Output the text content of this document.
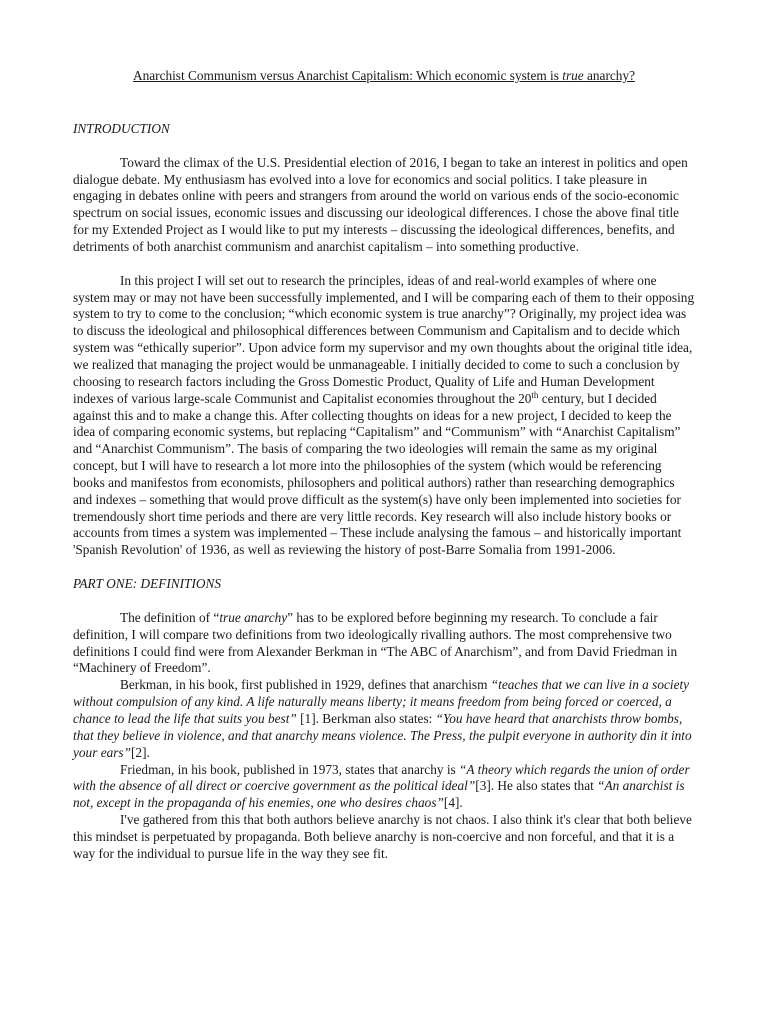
Anarchist Communism versus Anarchist Capitalism: Which economic system is true anarchy?

INTRODUCTION

Toward the climax of the U.S. Presidential election of 2016, I began to take an interest in politics and open dialogue debate. My enthusiasm has evolved into a love for economics and social politics. I take pleasure in engaging in debates online with peers and strangers from around the world on various ends of the socio-economic spectrum on social issues, economic issues and discussing our ideological differences. I chose the above final title for my Extended Project as I would like to put my interests – discussing the ideological differences, benefits, and detriments of both anarchist communism and anarchist capitalism – into something productive.

In this project I will set out to research the principles, ideas of and real-world examples of where one system may or may not have been successfully implemented, and I will be comparing each of them to their opposing system to try to come to the conclusion; “which economic system is true anarchy”? Originally, my project idea was to discuss the ideological and philosophical differences between Communism and Capitalism and to decide which system was “ethically superior”. Upon advice form my supervisor and my own thoughts about the original title idea, we realized that managing the project would be unmanageable. I initially decided to come to such a conclusion by choosing to research factors including the Gross Domestic Product, Quality of Life and Human Development indexes of various large-scale Communist and Capitalist economies throughout the 20th century, but I decided against this and to make a change this. After collecting thoughts on ideas for a new project, I decided to keep the idea of comparing economic systems, but replacing “Capitalism” and “Communism” with “Anarchist Capitalism” and “Anarchist Communism”. The basis of comparing the two ideologies will remain the same as my original concept, but I will have to research a lot more into the philosophies of the system (which would be referencing books and manifestos from economists, philosophers and political authors) rather than researching demographics and indexes – something that would prove difficult as the system(s) have only been implemented into societies for tremendously short time periods and there are very little records. Key research will also include history books or accounts from times a system was implemented – These include analysing the famous – and historically important 'Spanish Revolution' of 1936, as well as reviewing the history of post-Barre Somalia from 1991-2006.

PART ONE: DEFINITIONS

The definition of “true anarchy” has to be explored before beginning my research. To conclude a fair definition, I will compare two definitions from two ideologically rivalling authors. The most comprehensive two definitions I could find were from Alexander Berkman in “The ABC of Anarchism”, and from David Friedman in “Machinery of Freedom”.

Berkman, in his book, first published in 1929, defines that anarchism “teaches that we can live in a society without compulsion of any kind. A life naturally means liberty; it means freedom from being forced or coerced, a chance to lead the life that suits you best” [1]. Berkman also states: “You have heard that anarchists throw bombs, that they believe in violence, and that anarchy means violence. The Press, the pulpit everyone in authority din it into your ears”[2].

Friedman, in his book, published in 1973, states that anarchy is “A theory which regards the union of order with the absence of all direct or coercive government as the political ideal”[3]. He also states that “An anarchist is not, except in the propaganda of his enemies, one who desires chaos”[4].

I've gathered from this that both authors believe anarchy is not chaos. I also think it's clear that both believe this mindset is perpetuated by propaganda. Both believe anarchy is non-coercive and non forceful, and that it is a way for the individual to pursue life in the way they see fit.
